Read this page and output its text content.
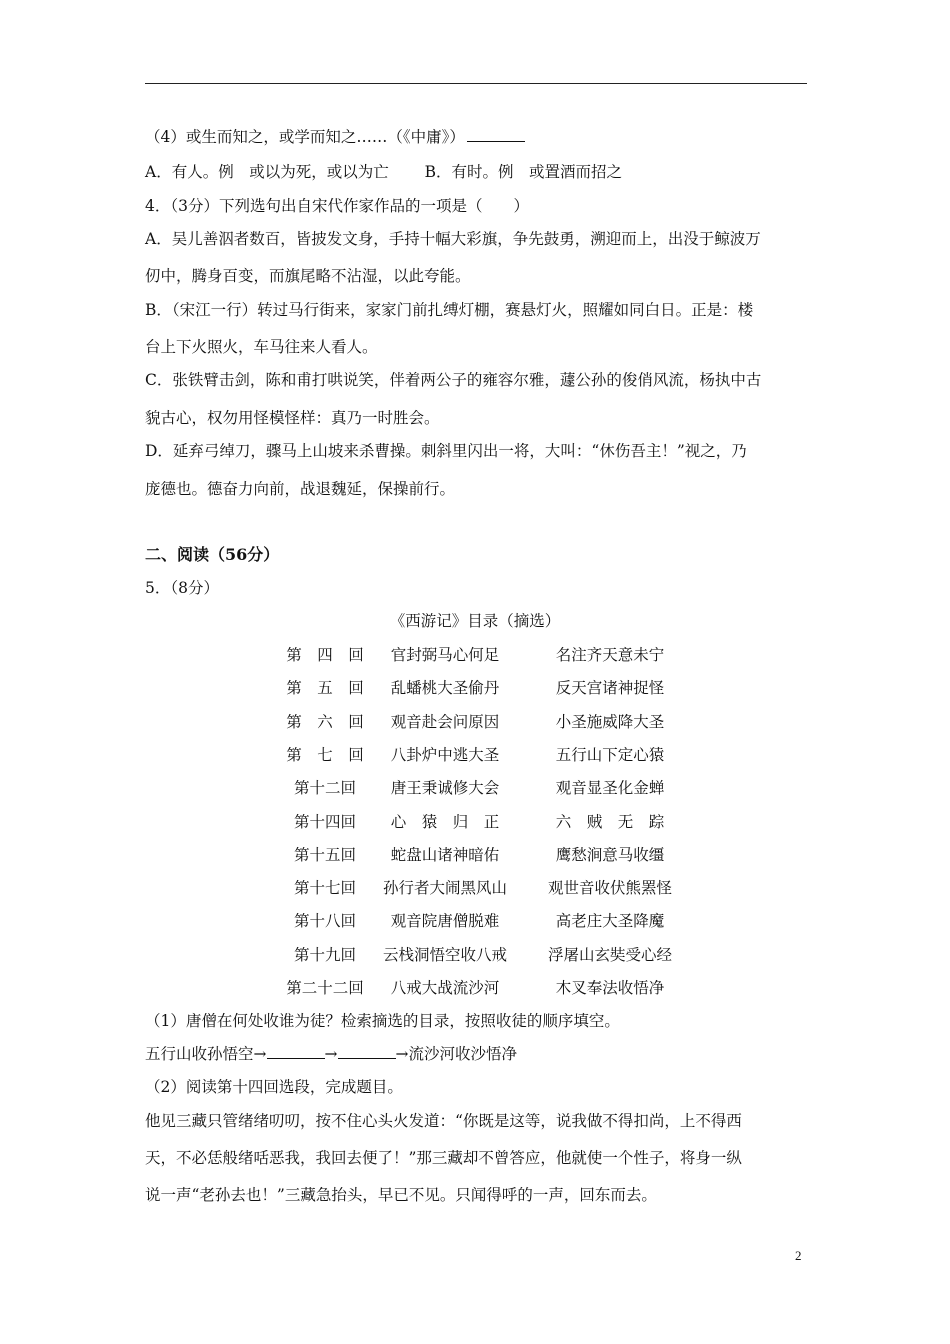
（4）或生而知之，或学而知之……（《中庸》）
A．有人。例　或以为死，或以为亡　　 B．有时。例　或置酒而招之
4．（3分）下列选句出自宋代作家作品的一项是（　　）
A．吴儿善泅者数百，皆披发文身，手持十幅大彩旗，争先鼓勇，溯迎而上，出没于鲸波万
仞中，腾身百变，而旗尾略不沾湿，以此夸能。
B．（宋江一行）转过马行街来，家家门前扎缚灯棚，赛悬灯火，照耀如同白日。正是：楼
台上下火照火，车马往来人看人。
C．张铁臂击剑，陈和甫打哄说笑，伴着两公子的雍容尔雅，蘧公孙的俊俏风流，杨执中古
貌古心，权勿用怪模怪样：真乃一时胜会。
D．延弃弓绰刀，骤马上山坡来杀曹操。刺斜里闪出一将，大叫：“休伤吾主！”视之，乃
庞德也。德奋力向前，战退魏延，保操前行。
二、阅读（56分）
5．（8分）
《西游记》目录（摘选）
第　四　回	官封弼马心何足	名注齐天意未宁
第　五　回	乱蟠桃大圣偷丹	反天宫诸神捉怪
第　六　回	观音赴会问原因	小圣施威降大圣
第　七　回	八卦炉中逃大圣	五行山下定心猿
第十二回	唐王秉诚修大会	观音显圣化金蝉
第十四回	心　猿　归　正	六　贼　无　踪
第十五回	蛇盘山诸神暗佑	鹰愁涧意马收缰
第十七回	孙行者大闹黑风山	观世音收伏熊罴怪
第十八回	观音院唐僧脱难	高老庄大圣降魔
第十九回	云栈洞悟空收八戒	浮屠山玄奘受心经
第二十二回	八戒大战流沙河	木叉奉法收悟净
（1）唐僧在何处收谁为徒？检索摘选的目录，按照收徒的顺序填空。
五行山收孙悟空→	→	→流沙河收沙悟净
（2）阅读第十四回选段，完成题目。
他见三藏只管绪绪叨叨，按不住心头火发道：“你既是这等，说我做不得扣尚，上不得西
天，不必恁般绪咶恶我，我回去便了！”那三藏却不曾答应，他就使一个性子，将身一纵
说一声“老孙去也！”三藏急抬头，早已不见。只闻得呼的一声，回东而去。
2
